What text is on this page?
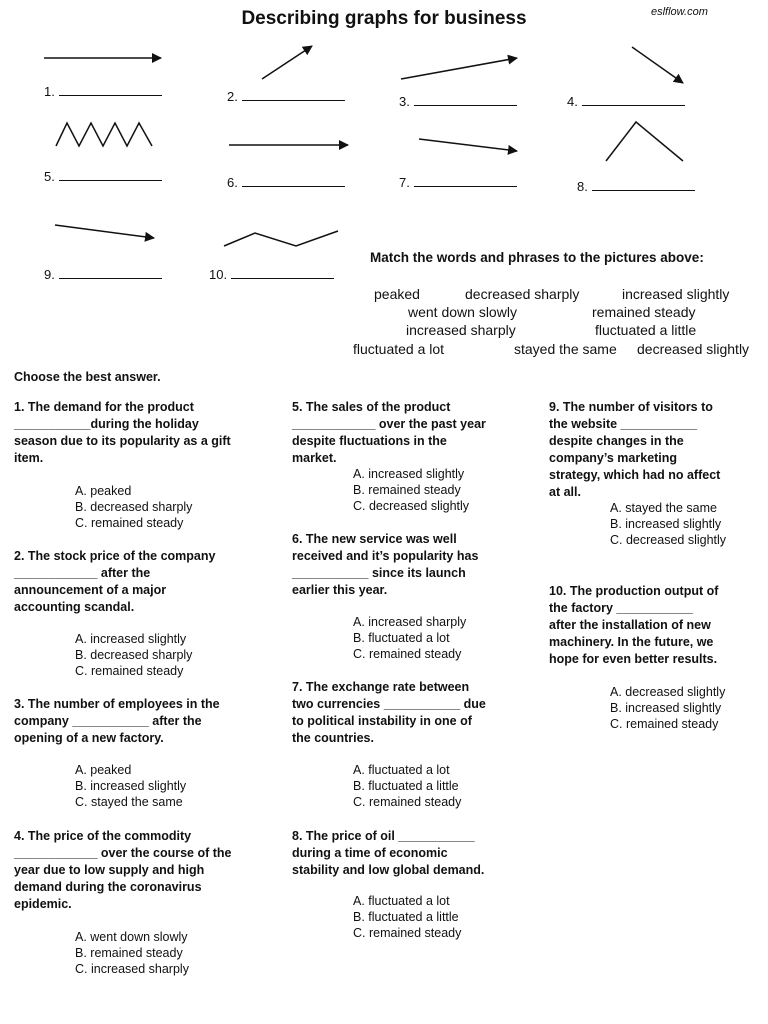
Describing graphs for business	eslflow.com
1.	2.	3.	4.
5.	6.	7.	8.
9.	10.
Match the words and phrases to the pictures above:
peaked	decreased sharply	increased slightly
went down slowly	remained steady
increased sharply	fluctuated a little
fluctuated a lot	stayed the same decreased slightly
Choose the best answer.
1. The demand for the product
___________during the holiday
season due to its popularity as a gift
item.
A. peaked
B. decreased sharply
C. remained steady
2. The stock price of the company
____________ after the
announcement of a major
accounting scandal.
A. increased slightly
B. decreased sharply
C. remained steady
3. The number of employees in the
company ___________ after the
opening of a new factory.
A. peaked
B. increased slightly
C. stayed the same
4. The price of the commodity
____________ over the course of the
year due to low supply and high
demand during the coronavirus
epidemic.
A. went down slowly
B. remained steady
C. increased sharply
5. The sales of the product
____________ over the past year
despite fluctuations in the
market.
A. increased slightly
B. remained steady
C. decreased slightly
6. The new service was well
received and it’s popularity has
___________ since its launch
earlier this year.
A. increased sharply
B. fluctuated a lot
C. remained steady
7. The exchange rate between
two currencies ___________ due
to political instability in one of
the countries.
A. fluctuated a lot
B. fluctuated a little
C. remained steady
8. The price of oil ___________
during a time of economic
stability and low global demand.
A. fluctuated a lot
B. fluctuated a little
C. remained steady
9. The number of visitors to
the website ___________
despite changes in the
company’s marketing
strategy, which had no affect
at all.
A. stayed the same
B. increased slightly
C. decreased slightly
10. The production output of
the factory ___________
after the installation of new
machinery. In the future, we
hope for even better results.
A. decreased slightly
B. increased slightly
C. remained steady
